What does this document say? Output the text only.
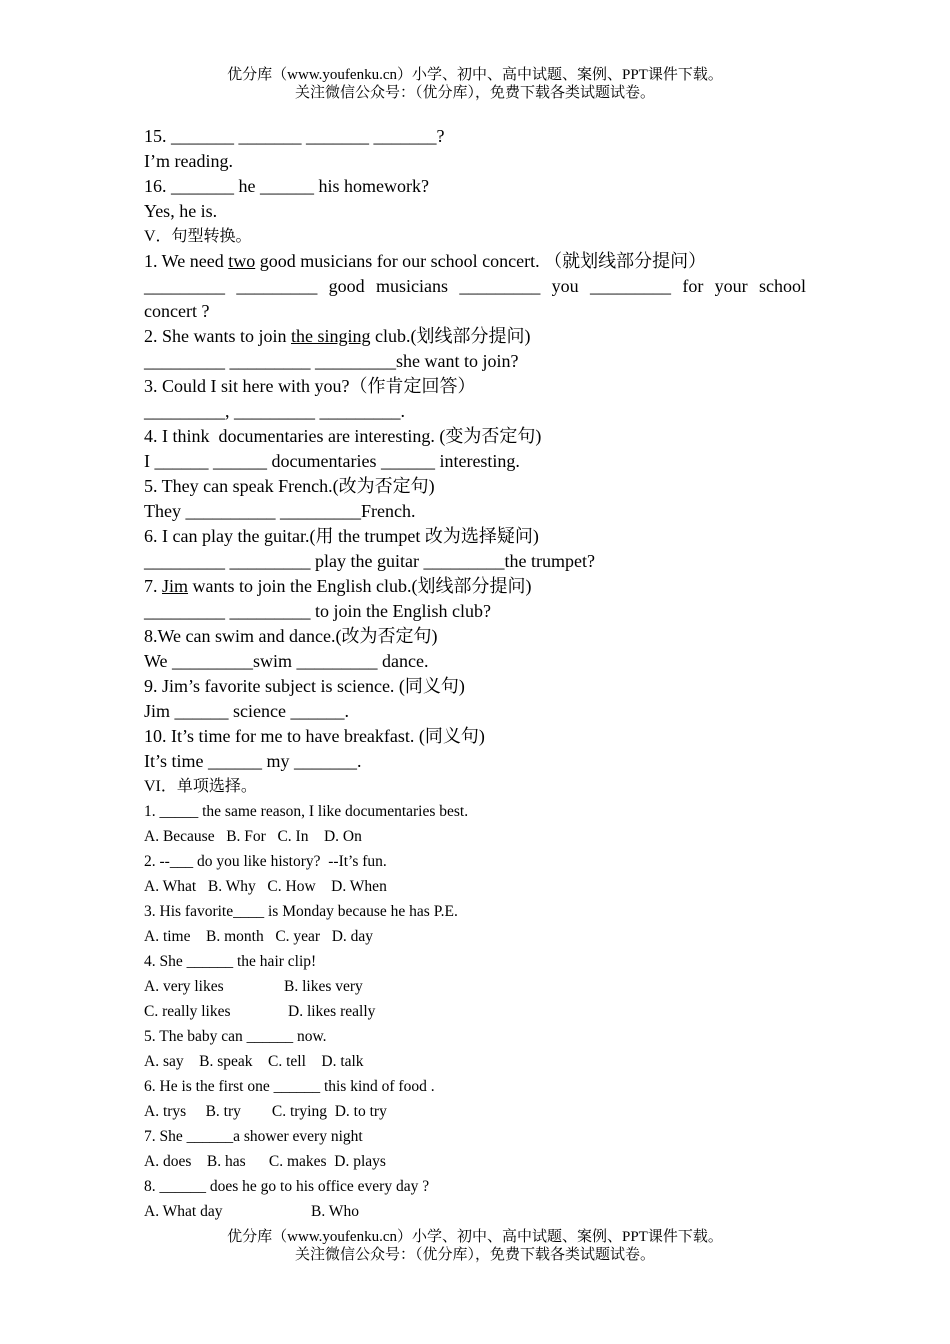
优分库（www.youfenku.cn）小学、初中、高中试题、案例、PPT课件下载。
关注微信公众号：（优分库），免费下载各类试题试卷。
15. _______ _______ _______ _______?
I’m reading.
16. _______ he ______ his homework?
Yes, he is.
V．句型转换。
1. We need two good musicians for our school concert. （就划线部分提问）
_________ _________ good musicians _________ you _________ for your school
concert ?
2. She wants to join the singing club.(划线部分提问)
_________ _________ _________she want to join?
3. Could I sit here with you?（作肯定回答）
_________, _________ _________.
4. I think  documentaries are interesting. (变为否定句)
I ______ ______ documentaries ______ interesting.
5. They can speak French.(改为否定句)
They __________ _________French.
6. I can play the guitar.(用 the trumpet 改为选择疑问)
_________ _________ play the guitar _________the trumpet?
7. Jim wants to join the English club.(划线部分提问)
_________ _________ to join the English club?
8.We can swim and dance.(改为否定句)
We _________swim _________ dance.
9. Jim’s favorite subject is science. (同义句)
Jim ______ science ______.
10. It’s time for me to have breakfast. (同义句)
It’s time ______ my _______.
VI．单项选择。
1. _____ the same reason, I like documentaries best.
A. Because   B. For   C. In    D. On
2. --___ do you like history?  --It’s fun.
A. What   B. Why   C. How    D. When
3. His favorite____ is Monday because he has P.E.
A. time    B. month   C. year   D. day
4. She ______ the hair clip!
A. very likes	B. likes very
C. really likes	D. likes really
5. The baby can ______ now.
A. say    B. speak    C. tell    D. talk
6. He is the first one ______ this kind of food .
A. trys     B. try        C. trying  D. to try
7. She ______a shower every night
A. does    B. has      C. makes  D. plays
8. ______ does he go to his office every day ?
A. What day	B. Who
优分库（www.youfenku.cn）小学、初中、高中试题、案例、PPT课件下载。
关注微信公众号：（优分库），免费下载各类试题试卷。
